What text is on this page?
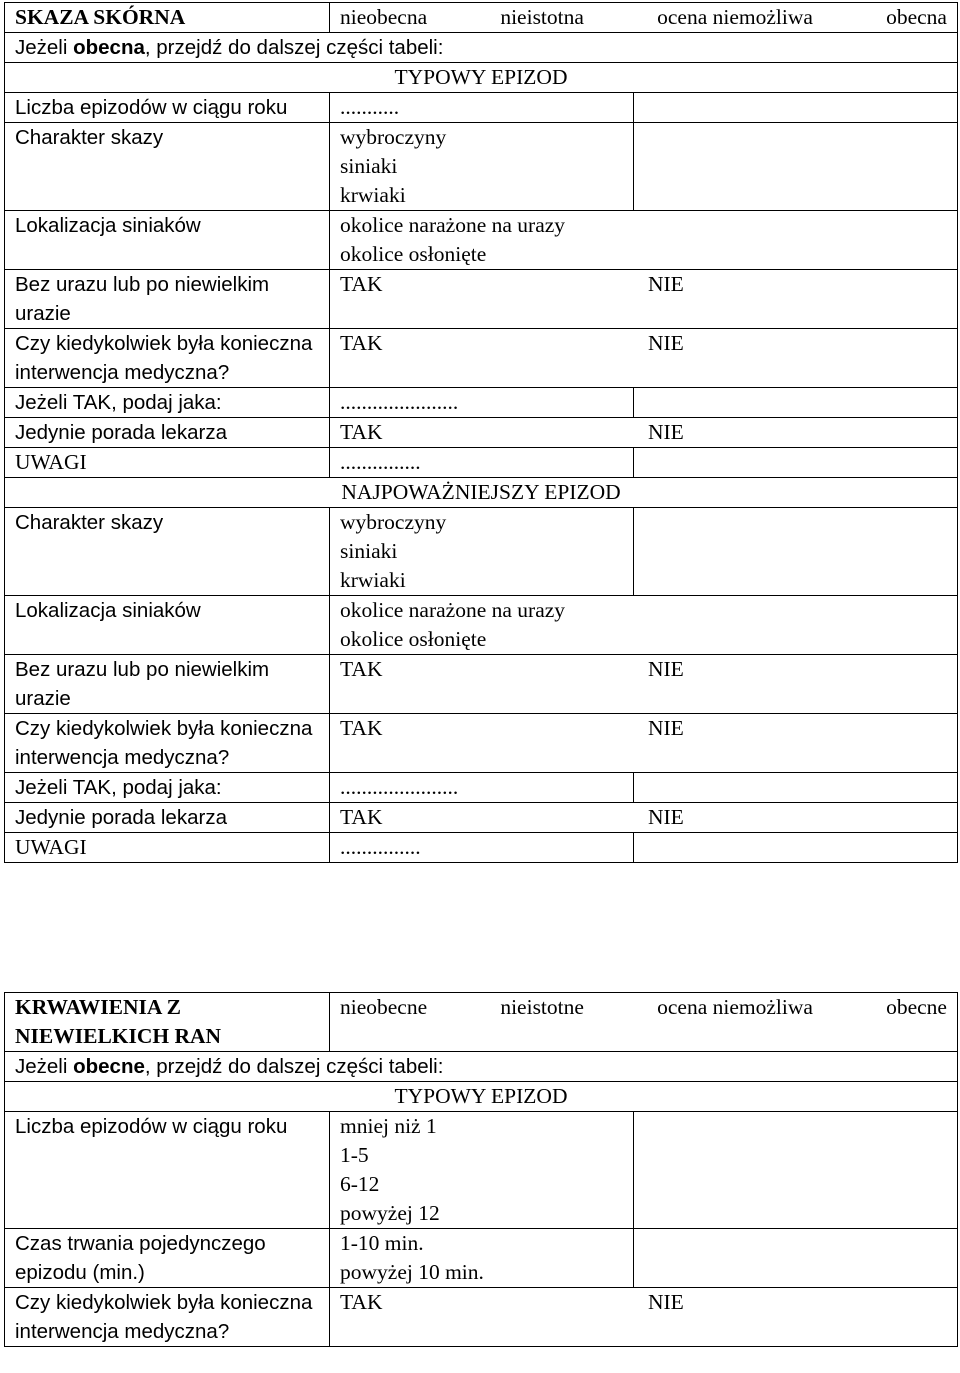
SKAZA SKÓRNA	nieobecna nieistotna ocena niemożliwa obecna	

Jeżeli obecna, przejdź do dalszej części tabeli:		
TYPOWY EPIZOD		
Liczba epizodów w ciągu roku	...........	
Charakter skazy	wybroczyny
siniaki
krwiaki	

Lokalizacja siniaków	okolice narażone na urazy
okolice osłonięte	

Bez urazu lub po niewielkim urazie	TAK NIE	

Czy kiedykolwiek była konieczna interwencja medyczna?	TAK NIE	

Jeżeli TAK, podaj jaka:	......................	
Jedynie porada lekarza	TAK NIE	

UWAGI	...............	
NAJPOWAŻNIEJSZY EPIZOD		
Charakter skazy	wybroczyny
siniaki
krwiaki	

Lokalizacja siniaków	okolice narażone na urazy
okolice osłonięte	

Bez urazu lub po niewielkim urazie	TAK NIE	

Czy kiedykolwiek była konieczna interwencja medyczna?	TAK NIE	

Jeżeli TAK, podaj jaka:	......................	
Jedynie porada lekarza	TAK NIE	

UWAGI	...............	
KRWAWIENIA Z NIEWIELKICH RAN	nieobecne nieistotne ocena niemożliwa obecne	

Jeżeli obecne, przejdź do dalszej części tabeli:		
TYPOWY EPIZOD		
Liczba epizodów w ciągu roku	mniej niż 1
1-5
6-12
powyżej 12	

Czas trwania pojedynczego epizodu (min.)	1-10 min.
powyżej 10 min.	

Czy kiedykolwiek była konieczna interwencja medyczna?	TAK NIE	
